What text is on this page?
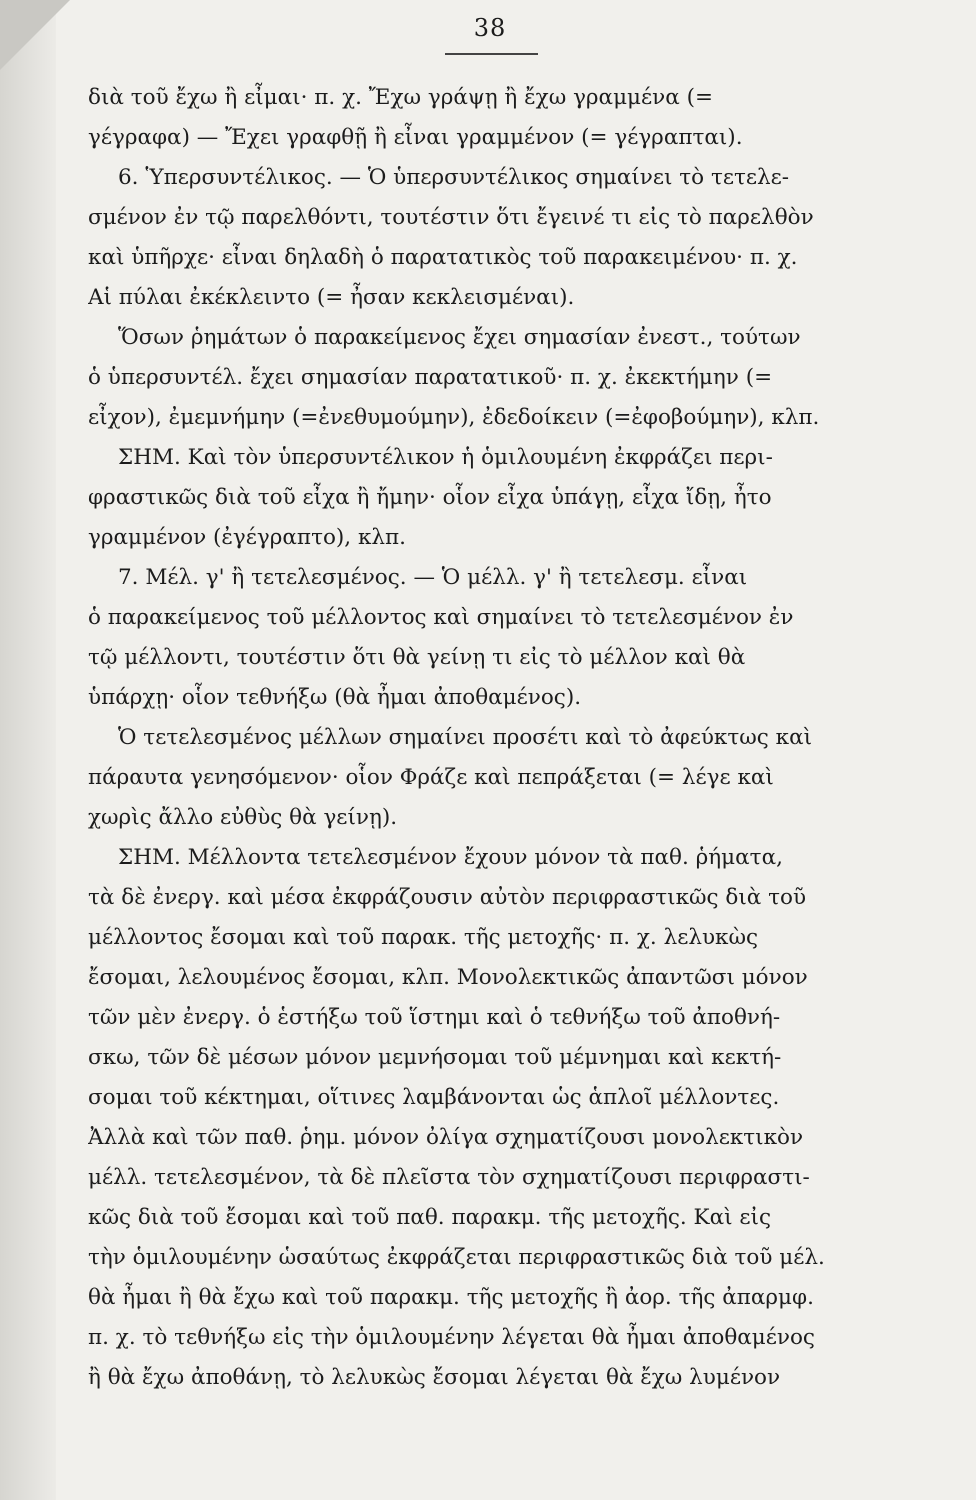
38
διὰ τοῦ ἔχω ἢ εἶμαι· π. χ. Ἔχω γράψῃ ἢ ἔχω γραμμένα (=
γέγραφα) — Ἔχει γραφθῇ ἢ εἶναι γραμμένον (= γέγραπται).
6. Ὑπερσυντέλικος. — Ὁ ὑπερσυντέλικος σημαίνει τὸ τετελε-
σμένον ἐν τῷ παρελθόντι, τουτέστιν ὅτι ἔγεινέ τι εἰς τὸ παρελθὸν
καὶ ὑπῆρχε· εἶναι δηλαδὴ ὁ παρατατικὸς τοῦ παρακειμένου· π. χ.
Αἱ πύλαι ἐκέκλειντο (= ἦσαν κεκλεισμέναι).
Ὅσων ῥημάτων ὁ παρακείμενος ἔχει σημασίαν ἐνεστ., τούτων
ὁ ὑπερσυντέλ. ἔχει σημασίαν παρατατικοῦ· π. χ. ἐκεκτήμην (=
εἶχον), ἐμεμνήμην (=ἐνεθυμούμην), ἐδεδοίκειν (=ἐφοβούμην), κλπ.
ΣΗΜ. Καὶ τὸν ὑπερσυντέλικον ἡ ὁμιλουμένη ἐκφράζει περι-
φραστικῶς διὰ τοῦ εἶχα ἢ ἤμην· οἷον εἶχα ὑπάγῃ, εἶχα ἴδῃ, ἦτο
γραμμένον (ἐγέγραπτο), κλπ.
7. Μέλ. γ' ἢ τετελεσμένος. — Ὁ μέλλ. γ' ἢ τετελεσμ. εἶναι
ὁ παρακείμενος τοῦ μέλλοντος καὶ σημαίνει τὸ τετελεσμένον ἐν
τῷ μέλλοντι, τουτέστιν ὅτι θὰ γείνῃ τι εἰς τὸ μέλλον καὶ θὰ
ὑπάρχῃ· οἷον τεθνήξω (θὰ ἦμαι ἀποθαμένος).
Ὁ τετελεσμένος μέλλων σημαίνει προσέτι καὶ τὸ ἀφεύκτως καὶ
πάραυτα γενησόμενον· οἷον Φράζε καὶ πεπράξεται (= λέγε καὶ
χωρὶς ἄλλο εὐθὺς θὰ γείνῃ).
ΣΗΜ. Μέλλοντα τετελεσμένον ἔχουν μόνον τὰ παθ. ῥήματα,
τὰ δὲ ἐνεργ. καὶ μέσα ἐκφράζουσιν αὐτὸν περιφραστικῶς διὰ τοῦ
μέλλοντος ἔσομαι καὶ τοῦ παρακ. τῆς μετοχῆς· π. χ. λελυκὼς
ἔσομαι, λελουμένος ἔσομαι, κλπ. Μονολεκτικῶς ἀπαντῶσι μόνον
τῶν μὲν ἐνεργ. ὁ ἑστήξω τοῦ ἵστημι καὶ ὁ τεθνήξω τοῦ ἀποθνή-
σκω, τῶν δὲ μέσων μόνον μεμνήσομαι τοῦ μέμνημαι καὶ κεκτή-
σομαι τοῦ κέκτημαι, οἵτινες λαμβάνονται ὡς ἁπλοῖ μέλλοντες.
Ἀλλὰ καὶ τῶν παθ. ῥημ. μόνον ὀλίγα σχηματίζουσι μονολεκτικὸν
μέλλ. τετελεσμένον, τὰ δὲ πλεῖστα τὸν σχηματίζουσι περιφραστι-
κῶς διὰ τοῦ ἔσομαι καὶ τοῦ παθ. παρακμ. τῆς μετοχῆς. Καὶ εἰς
τὴν ὁμιλουμένην ὡσαύτως ἐκφράζεται περιφραστικῶς διὰ τοῦ μέλ.
θὰ ἦμαι ἢ θὰ ἔχω καὶ τοῦ παρακμ. τῆς μετοχῆς ἢ ἀορ. τῆς ἀπαρμφ.
π. χ. τὸ τεθνήξω εἰς τὴν ὁμιλουμένην λέγεται θὰ ἦμαι ἀποθαμένος
ἢ θὰ ἔχω ἀποθάνῃ, τὸ λελυκὼς ἔσομαι λέγεται θὰ ἔχω λυμένον
